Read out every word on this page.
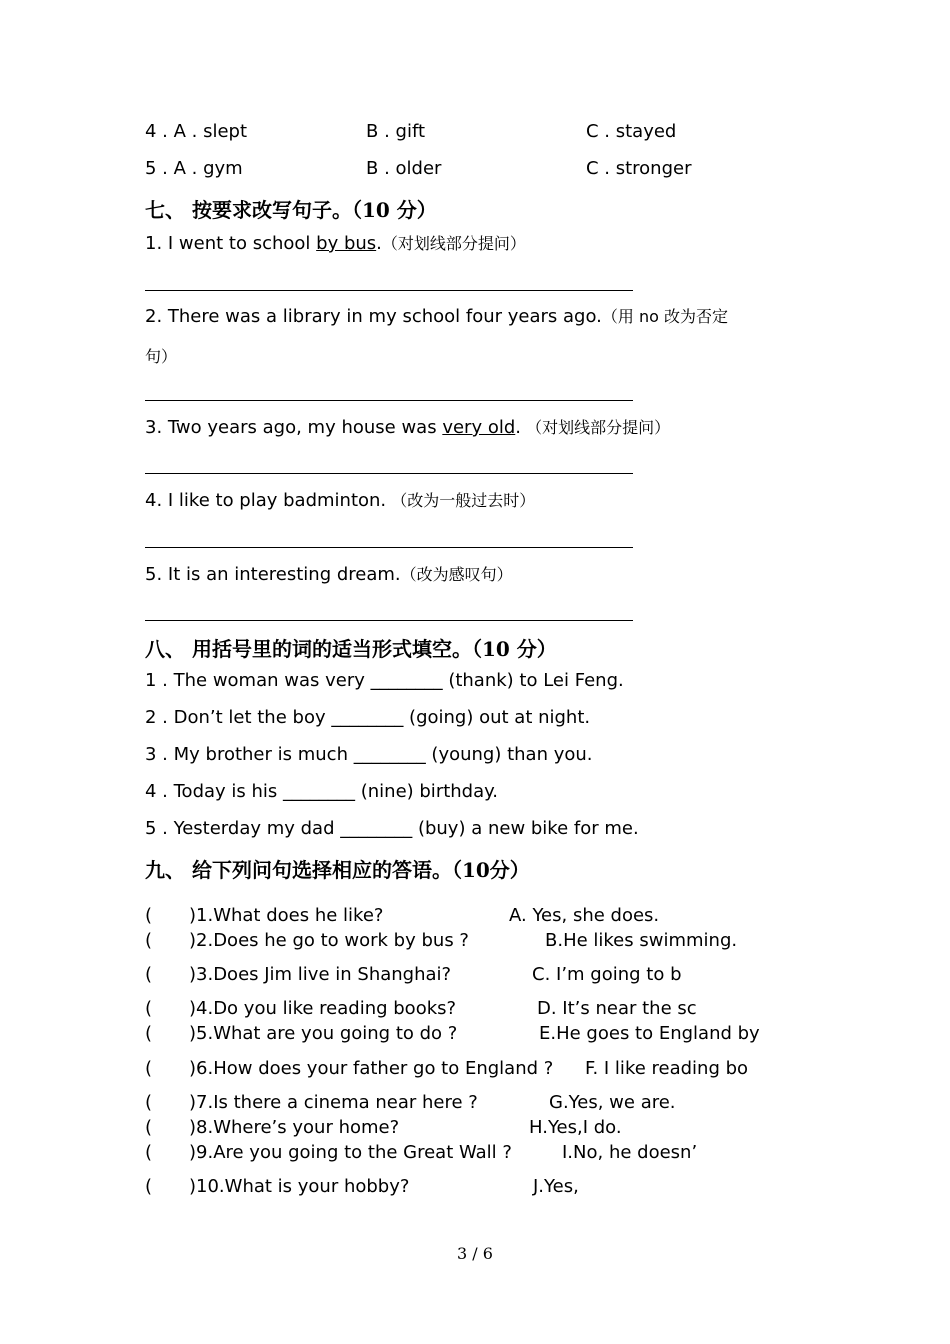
4 . A . slept	B . gift	C . stayed
5 . A . gym	B . older	C . stronger
七、 按要求改写句子。（10 分）
1. I went to school by bus.（对划线部分提问）
2. There was a library in my school four years ago.（用 no 改为否定
句）
3. Two years ago, my house was very old. （对划线部分提问）
4. I like to play badminton. （改为一般过去时）
5. It is an interesting dream.（改为感叹句）
八、 用括号里的词的适当形式填空。（10 分）
1 . The woman was very ________ (thank) to Lei Feng.
2 . Don’t let the boy ________ (going) out at night.
3 . My brother is much ________ (young) than you.
4 . Today is his ________ (nine) birthday.
5 . Yesterday my dad ________ (buy) a new bike for me.
九、 给下列问句选择相应的答语。（10分）
( )1.What does he like?	A. Yes, she does.
( )2.Does he go to work by bus ?	B.He likes swimming.
( )3.Does Jim live in Shanghai?	C. I’m going to b
( )4.Do you like reading books?	D. It’s near the sc
( )5.What are you going to do ?	E.He goes to England by
( )6.How does your father go to England ? F. I like reading bo
( )7.Is there a cinema near here ?	G.Yes, we are.
( )8.Where’s your home?	H.Yes,I do.
( )9.Are you going to the Great Wall ?	I.No, he doesn’
( )10.What is your hobby?	J.Yes,
3 / 6
